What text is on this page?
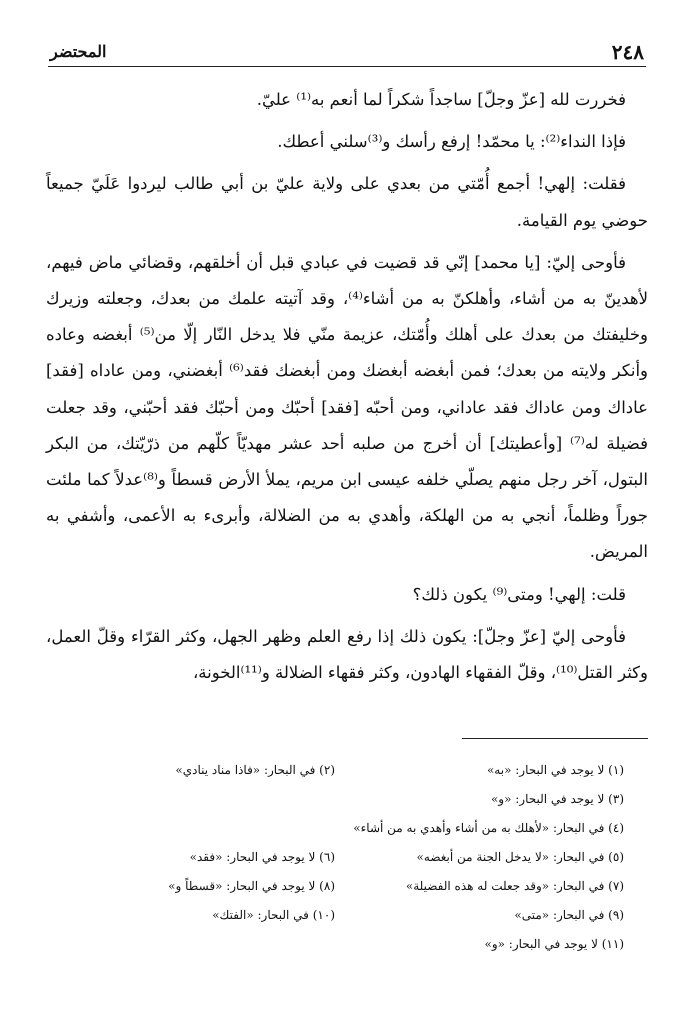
٢٤٨
المحتضر

فخررت لله [عزّ وجلّ] ساجداً شكراً لما أنعم به⁽¹⁾ عليّ.

فإذا النداء⁽²⁾: يا محمّد! إرفع رأسك و⁽³⁾سلني أعطك.

فقلت: إلهي! أجمع أُمّتي من بعدي على ولاية عليّ بن أبي طالب ليردوا عَلَيّ جميعاً حوضي يوم القيامة.

فأوحى إليّ: [يا محمد] إنّي قد قضيت في عبادي قبل أن أخلقهم، وقضائي ماض فيهم، لأهدينّ به من أشاء، وأهلكنّ به من أشاء⁽⁴⁾، وقد آتيته علمك من بعدك، وجعلته وزيرك وخليفتك من بعدك على أهلك وأُمّتك، عزيمة منّي فلا يدخل النّار إلّا من⁽⁵⁾ أبغضه وعاده وأنكر ولايته من بعدك؛ فمن أبغضه أبغضك ومن أبغضك فقد⁽⁶⁾ أبغضني، ومن عاداه [فقد] عاداك ومن عاداك فقد عاداني، ومن أحبّه [فقد] أحبّك ومن أحبّك فقد أحبّني، وقد جعلت فضيلة له⁽⁷⁾ [وأعطيتك] أن أخرج من صلبه أحد عشر مهديّاً كلّهم من ذرّيّتك، من البكر البتول، آخر رجل منهم يصلّي خلفه عيسى ابن مريم، يملأ الأرض قسطاً و⁽⁸⁾عدلاً كما ملئت جوراً وظلماً، أنجي به من الهلكة، وأهدي به من الضلالة، وأبرىء به الأعمى، وأشفي به المريض.

قلت: إلهي! ومتى⁽⁹⁾ يكون ذلك؟

فأوحى إليّ [عزّ وجلّ]: يكون ذلك إذا رفع العلم وظهر الجهل، وكثر القرّاء وقلّ العمل، وكثر القتل⁽¹⁰⁾، وقلّ الفقهاء الهادون، وكثر فقهاء الضلالة و⁽¹¹⁾الخونة،

(١) لا يوجد في البحار: «به»
(٢) في البحار: «فاذا مناد ينادي»
(٣) لا يوجد في البحار: «و»
(٤) في البحار: «لأهلك به من أشاء وأهدي به من أشاء»
(٥) في البحار: «لا يدخل الجنة من أبغضه»
(٦) لا يوجد في البحار: «فقد»
(٧) في البحار: «وقد جعلت له هذه الفضيلة»
(٨) لا يوجد في البحار: «قسطاً و»
(٩) في البحار: «متى»
(١٠) في البحار: «الفتك»
(١١) لا يوجد في البحار: «و»
